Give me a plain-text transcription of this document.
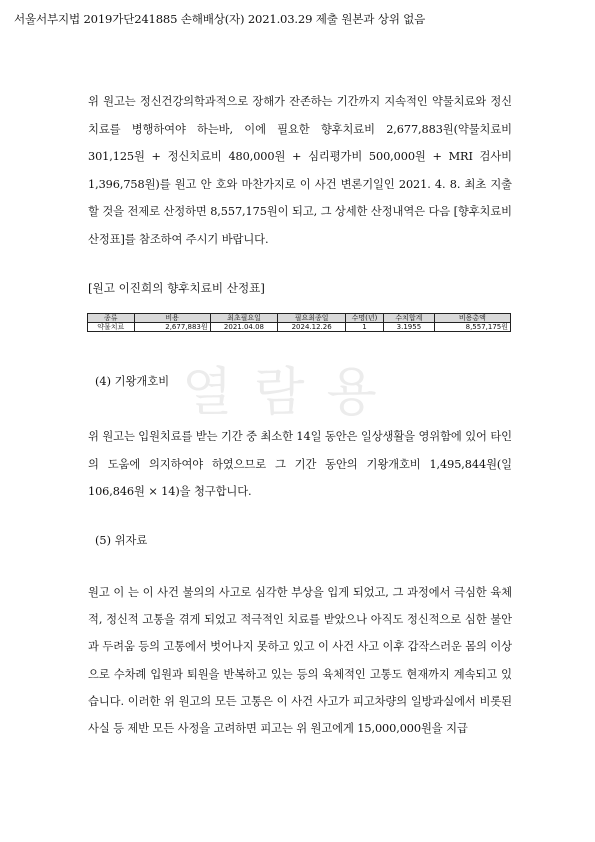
서울서부지법 2019가단241885 손해배상(자) 2021.03.29 제출 원본과 상위 없음

위 원고는 정신건강의학과적으로 장해가 잔존하는 기간까지 지속적인 약물치료와 정신치료를 병행하여야 하는바, 이에 필요한 향후치료비 2,677,883원(약물치료비 301,125원 + 정신치료비 480,000원 + 심리평가비 500,000원 + MRI 검사비 1,396,758원)를 원고 안 호와 마찬가지로 이 사건 변론기일인 2021. 4. 8. 최초 지출할 것을 전제로 산정하면 8,557,175원이 되고, 그 상세한 산정내역은 다음 [향후치료비 산정표]를 참조하여 주시기 바랍니다.

[원고 이진희의 향후치료비 산정표]
종류	비용	최초필요일	필요최종일	수명(년)	수치합계	비용총액
약물치료	2,677,883원	2021.04.08	2024.12.26	1	3.1955	8,557,175원
열람용
(4) 기왕개호비

위 원고는 입원치료를 받는 기간 중 최소한 14일 동안은 일상생활을 영위함에 있어 타인의 도움에 의지하여야 하였으므로 그 기간 동안의 기왕개호비 1,495,844원(일 106,846원 × 14)을 청구합니다.

(5) 위자료

원고 이 는 이 사건 불의의 사고로 심각한 부상을 입게 되었고, 그 과정에서 극심한 육체적, 정신적 고통을 겪게 되었고 적극적인 치료를 받았으나 아직도 정신적으로 심한 불안과 두려움 등의 고통에서 벗어나지 못하고 있고 이 사건 사고 이후 갑작스러운 몸의 이상으로 수차례 입원과 퇴원을 반복하고 있는 등의 육체적인 고통도 현재까지 계속되고 있습니다. 이러한 위 원고의 모든 고통은 이 사건 사고가 피고차량의 일방과실에서 비롯된 사실 등 제반 모든 사정을 고려하면 피고는 위 원고에게 15,000,000원을 지급
